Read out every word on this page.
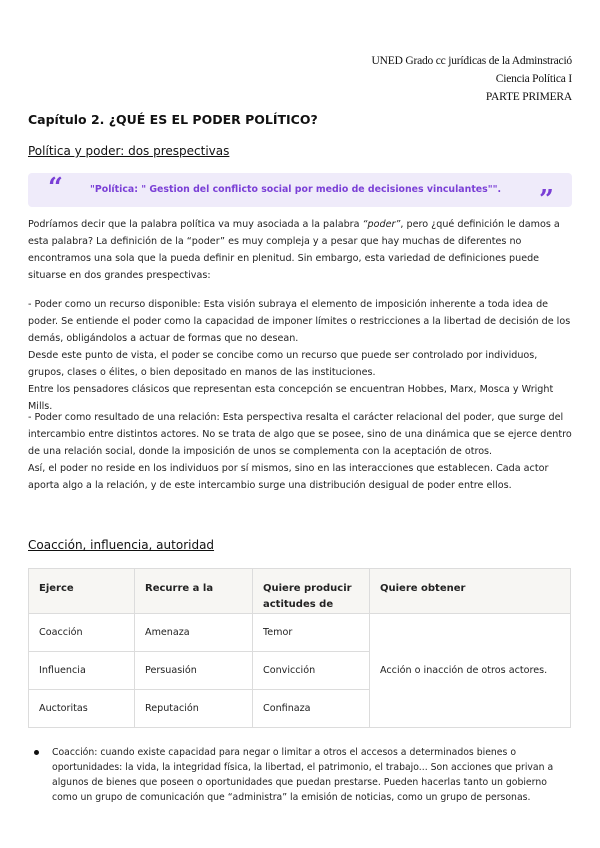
UNED Grado cc jurídicas de la Adminstració
Ciencia Política I
PARTE PRIMERA
Capítulo 2. ¿QUÉ ES EL PODER POLÍTICO?
Política y poder: dos prespectivas
“	"Política: " Gestion del conflicto social por medio de decisiones vinculantes"". ”

Podríamos decir que la palabra política va muy asociada a la palabra “poder”, pero ¿qué definición le damos a esta palabra? La definición de la “poder” es muy compleja y a pesar que hay muchas de diferentes no encontramos una sola que la pueda definir en plenitud. Sin embargo, esta variedad de definiciones puede situarse en dos grandes prespectivas:

- Poder como un recurso disponible: Esta visión subraya el elemento de imposición inherente a toda idea de poder. Se entiende el poder como la capacidad de imponer límites o restricciones a la libertad de decisión de los demás, obligándolos a actuar de formas que no desean.
Desde este punto de vista, el poder se concibe como un recurso que puede ser controlado por individuos, grupos, clases o élites, o bien depositado en manos de las instituciones.
Entre los pensadores clásicos que representan esta concepción se encuentran Hobbes, Marx, Mosca y Wright Mills.

- Poder como resultado de una relación: Esta perspectiva resalta el carácter relacional del poder, que surge del intercambio entre distintos actores. No se trata de algo que se posee, sino de una dinámica que se ejerce dentro de una relación social, donde la imposición de unos se complementa con la aceptación de otros.
Así, el poder no reside en los individuos por sí mismos, sino en las interacciones que establecen. Cada actor aporta algo a la relación, y de este intercambio surge una distribución desigual de poder entre ellos.

Coacción, influencia, autoridad
Ejerce	Recurre a la	Quiere producir actitudes de	Quiere obtener
Coacción	Amenaza	Temor	Acción o inacción de otros actores.
Influencia	Persuasión	Convicción	
Auctoritas	Reputación	Confinaza	
Coacción: cuando existe capacidad para negar o limitar a otros el accesos a determinados bienes o oportunidades: la vida, la integridad física, la libertad, el patrimonio, el trabajo... Son acciones que privan a algunos de bienes que poseen o oportunidades que puedan prestarse. Pueden hacerlas tanto un gobierno como un grupo de comunicación que “administra” la emisión de noticias, como un grupo de personas.
